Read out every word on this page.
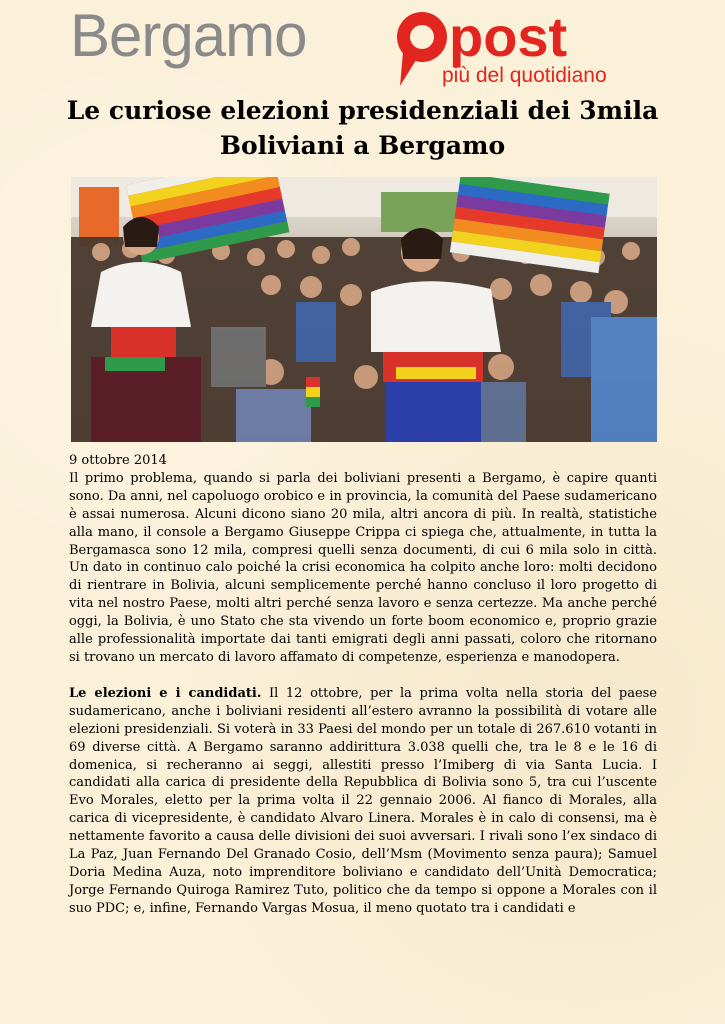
Bergamo	post
più del quotidiano
Le curiose elezioni presidenziali dei 3mila
Boliviani a Bergamo

9 ottobre 2014

Il primo problema, quando si parla dei boliviani presenti a Bergamo, è capire quanti sono. Da anni, nel capoluogo orobico e in provincia, la comunità del Paese sudamericano è assai numerosa. Alcuni dicono siano 20 mila, altri ancora di più. In realtà, statistiche alla mano, il console a Bergamo Giuseppe Crippa ci spiega che, attualmente, in tutta la Bergamasca sono 12 mila, compresi quelli senza documenti, di cui 6 mila solo in città. Un dato in continuo calo poiché la crisi economica ha colpito anche loro: molti decidono di rientrare in Bolivia, alcuni semplicemente perché hanno concluso il loro progetto di vita nel nostro Paese, molti altri perché senza lavoro e senza certezze. Ma anche perché oggi, la Bolivia, è uno Stato che sta vivendo un forte boom economico e, proprio grazie alle professionalità importate dai tanti emigrati degli anni passati, coloro che ritornano si trovano un mercato di lavoro affamato di competenze, esperienza e manodopera.

Le elezioni e i candidati. Il 12 ottobre, per la prima volta nella storia del paese sudamericano, anche i boliviani residenti all’estero avranno la possibilità di votare alle elezioni presidenziali. Si voterà in 33 Paesi del mondo per un totale di 267.610 votanti in 69 diverse città. A Bergamo saranno addirittura 3.038 quelli che, tra le 8 e le 16 di domenica, si recheranno ai seggi, allestiti presso l’Imiberg di via Santa Lucia. I candidati alla carica di presidente della Repubblica di Bolivia sono 5, tra cui l’uscente Evo Morales, eletto per la prima volta il 22 gennaio 2006. Al fianco di Morales, alla carica di vicepresidente, è candidato Alvaro Linera. Morales è in calo di consensi, ma è nettamente favorito a causa delle divisioni dei suoi avversari. I rivali sono l’ex sindaco di La Paz, Juan Fernando Del Granado Cosio, dell’Msm (Movimento senza paura); Samuel Doria Medina Auza, noto imprenditore boliviano e candidato dell’Unità Democratica; Jorge Fernando Quiroga Ramirez Tuto, politico che da tempo si oppone a Morales con il suo PDC; e, infine, Fernando Vargas Mosua, il meno quotato tra i candidati e
